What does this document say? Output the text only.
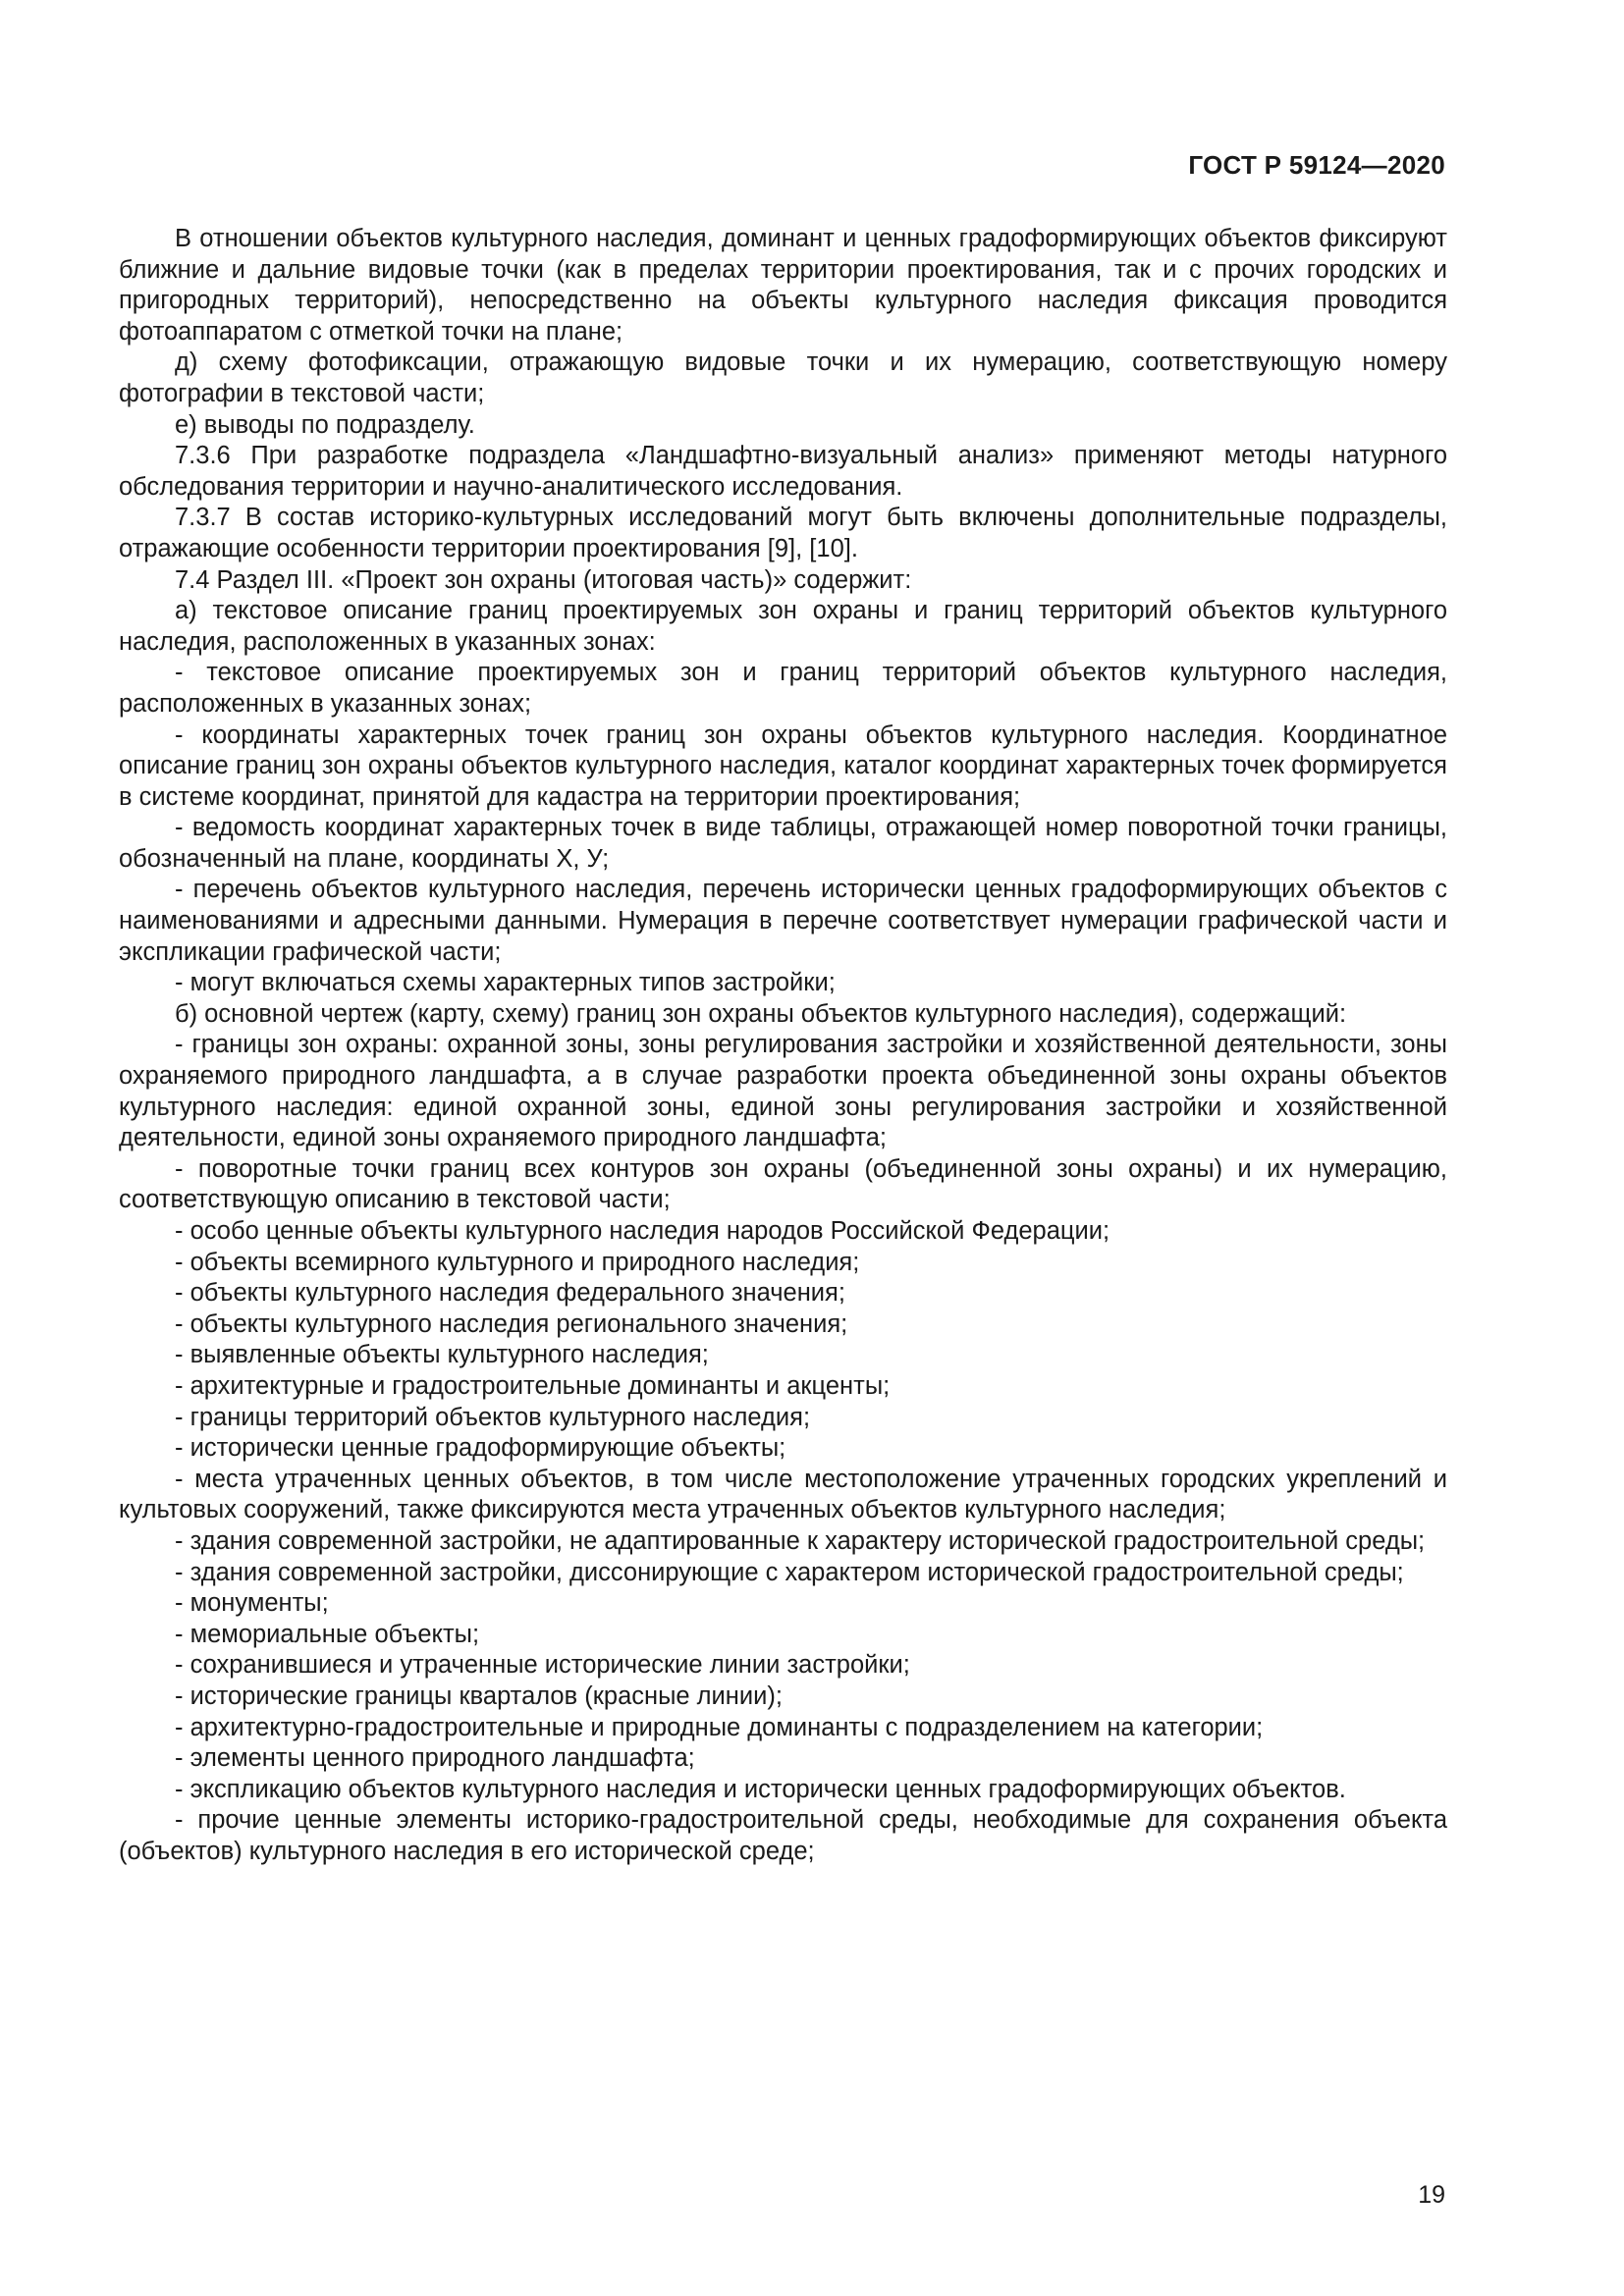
ГОСТ Р 59124—2020

В отношении объектов культурного наследия, доминант и ценных градоформирующих объектов фиксируют ближние и дальние видовые точки (как в пределах территории проектирования, так и с прочих городских и пригородных территорий), непосредственно на объекты культурного наследия фиксация проводится фотоаппаратом с отметкой точки на плане;

д) схему фотофиксации, отражающую видовые точки и их нумерацию, соответствующую номеру фотографии в текстовой части;

е) выводы по подразделу.

7.3.6 При разработке подраздела «Ландшафтно-визуальный анализ» применяют методы натурного обследования территории и научно-аналитического исследования.

7.3.7 В состав историко-культурных исследований могут быть включены дополнительные подразделы, отражающие особенности территории проектирования [9], [10].

7.4 Раздел III. «Проект зон охраны (итоговая часть)» содержит:

а) текстовое описание границ проектируемых зон охраны и границ территорий объектов культурного наследия, расположенных в указанных зонах:

- текстовое описание проектируемых зон и границ территорий объектов культурного наследия, расположенных в указанных зонах;

- координаты характерных точек границ зон охраны объектов культурного наследия. Координатное описание границ зон охраны объектов культурного наследия, каталог координат характерных точек формируется в системе координат, принятой для кадастра на территории проектирования;

- ведомость координат характерных точек в виде таблицы, отражающей номер поворотной точки границы, обозначенный на плане, координаты X, У;

- перечень объектов культурного наследия, перечень исторически ценных градоформирующих объектов с наименованиями и адресными данными. Нумерация в перечне соответствует нумерации графической части и экспликации графической части;

- могут включаться схемы характерных типов застройки;

б) основной чертеж (карту, схему) границ зон охраны объектов культурного наследия), содержащий:

- границы зон охраны: охранной зоны, зоны регулирования застройки и хозяйственной деятельности, зоны охраняемого природного ландшафта, а в случае разработки проекта объединенной зоны охраны объектов культурного наследия: единой охранной зоны, единой зоны регулирования застройки и хозяйственной деятельности, единой зоны охраняемого природного ландшафта;

- поворотные точки границ всех контуров зон охраны (объединенной зоны охраны) и их нумерацию, соответствующую описанию в текстовой части;

- особо ценные объекты культурного наследия народов Российской Федерации;

- объекты всемирного культурного и природного наследия;

- объекты культурного наследия федерального значения;

- объекты культурного наследия регионального значения;

- выявленные объекты культурного наследия;

- архитектурные и градостроительные доминанты и акценты;

- границы территорий объектов культурного наследия;

- исторически ценные градоформирующие объекты;

- места утраченных ценных объектов, в том числе местоположение утраченных городских укреплений и культовых сооружений, также фиксируются места утраченных объектов культурного наследия;

- здания современной застройки, не адаптированные к характеру исторической градостроительной среды;

- здания современной застройки, диссонирующие с характером исторической градостроительной среды;

- монументы;

- мемориальные объекты;

- сохранившиеся и утраченные исторические линии застройки;

- исторические границы кварталов (красные линии);

- архитектурно-градостроительные и природные доминанты с подразделением на категории;

- элементы ценного природного ландшафта;

- экспликацию объектов культурного наследия и исторически ценных градоформирующих объектов.

- прочие ценные элементы историко-градостроительной среды, необходимые для сохранения объекта (объектов) культурного наследия в его исторической среде;

19
